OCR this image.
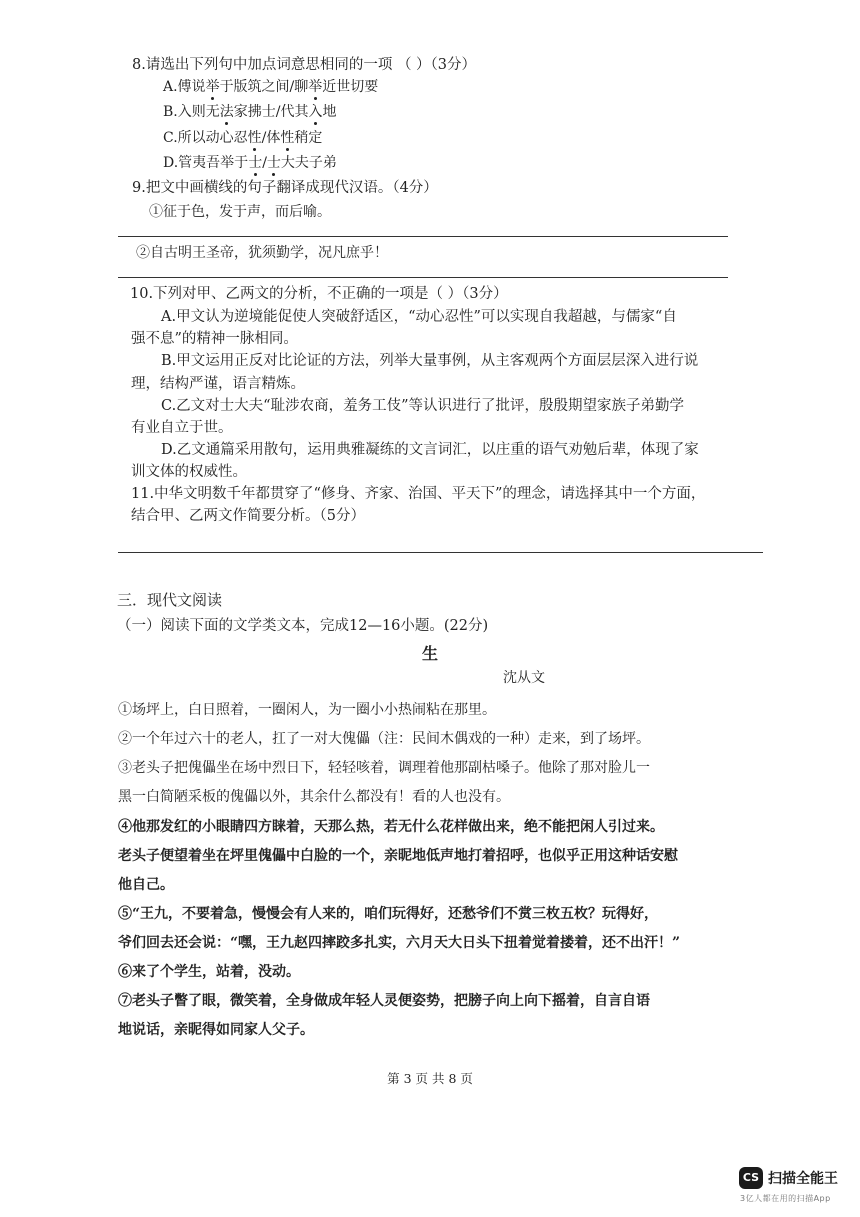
8.请选出下列句中加点词意思相同的一项 （ ）（3分）
A.傅说举于版筑之间/聊举近世切要
B.入则无法家拂士/代其入地
C.所以动心忍性/体性稍定
D.管夷吾举于士/士大夫子弟
9.把文中画横线的句子翻译成现代汉语。（4分）
①征于色，发于声，而后喻。
②自古明王圣帝，犹须勤学，况凡庶乎！
10.下列对甲、乙两文的分析，不正确的一项是（ ）（3分）
A.甲文认为逆境能促使人突破舒适区，“动心忍性”可以实现自我超越，与儒家“自
强不息”的精神一脉相同。
B.甲文运用正反对比论证的方法，列举大量事例，从主客观两个方面层层深入进行说
理，结构严谨，语言精炼。
C.乙文对士大夫“耻涉农商，羞务工伎”等认识进行了批评，殷殷期望家族子弟勤学
有业自立于世。
D.乙文通篇采用散句，运用典雅凝练的文言词汇，以庄重的语气劝勉后辈，体现了家
训文体的权威性。
11.中华文明数千年都贯穿了“修身、齐家、治国、平天下”的理念，请选择其中一个方面，
结合甲、乙两文作简要分析。（5分）
三．现代文阅读
（一）阅读下面的文学类文本，完成12—16小题。(22分)
生
沈从文
①场坪上，白日照着，一圈闲人，为一圈小小热闹粘在那里。
②一个年过六十的老人，扛了一对大傀儡（注：民间木偶戏的一种）走来，到了场坪。
③老头子把傀儡坐在场中烈日下，轻轻咳着，调理着他那副枯嗓子。他除了那对脸儿一
黑一白简陋采板的傀儡以外，其余什么都没有！看的人也没有。
④他那发红的小眼睛四方睐着，天那么热，若无什么花样做出来，绝不能把闲人引过来。
老头子便望着坐在坪里傀儡中白脸的一个，亲昵地低声地打着招呼，也似乎正用这种话安慰
他自己。
⑤“王九，不要着急，慢慢会有人来的，咱们玩得好，还愁爷们不赏三枚五枚？玩得好，
爷们回去还会说：“嘿，王九赵四摔跤多扎实，六月天大日头下扭着觉着搂着，还不出汗！”
⑥来了个学生，站着，没动。
⑦老头子瞥了眼，微笑着，全身做成年轻人灵便姿势，把膀子向上向下摇着，自言自语
地说话，亲昵得如同家人父子。
第 3 页 共 8 页
CS 扫描全能王
3亿人都在用的扫描App
